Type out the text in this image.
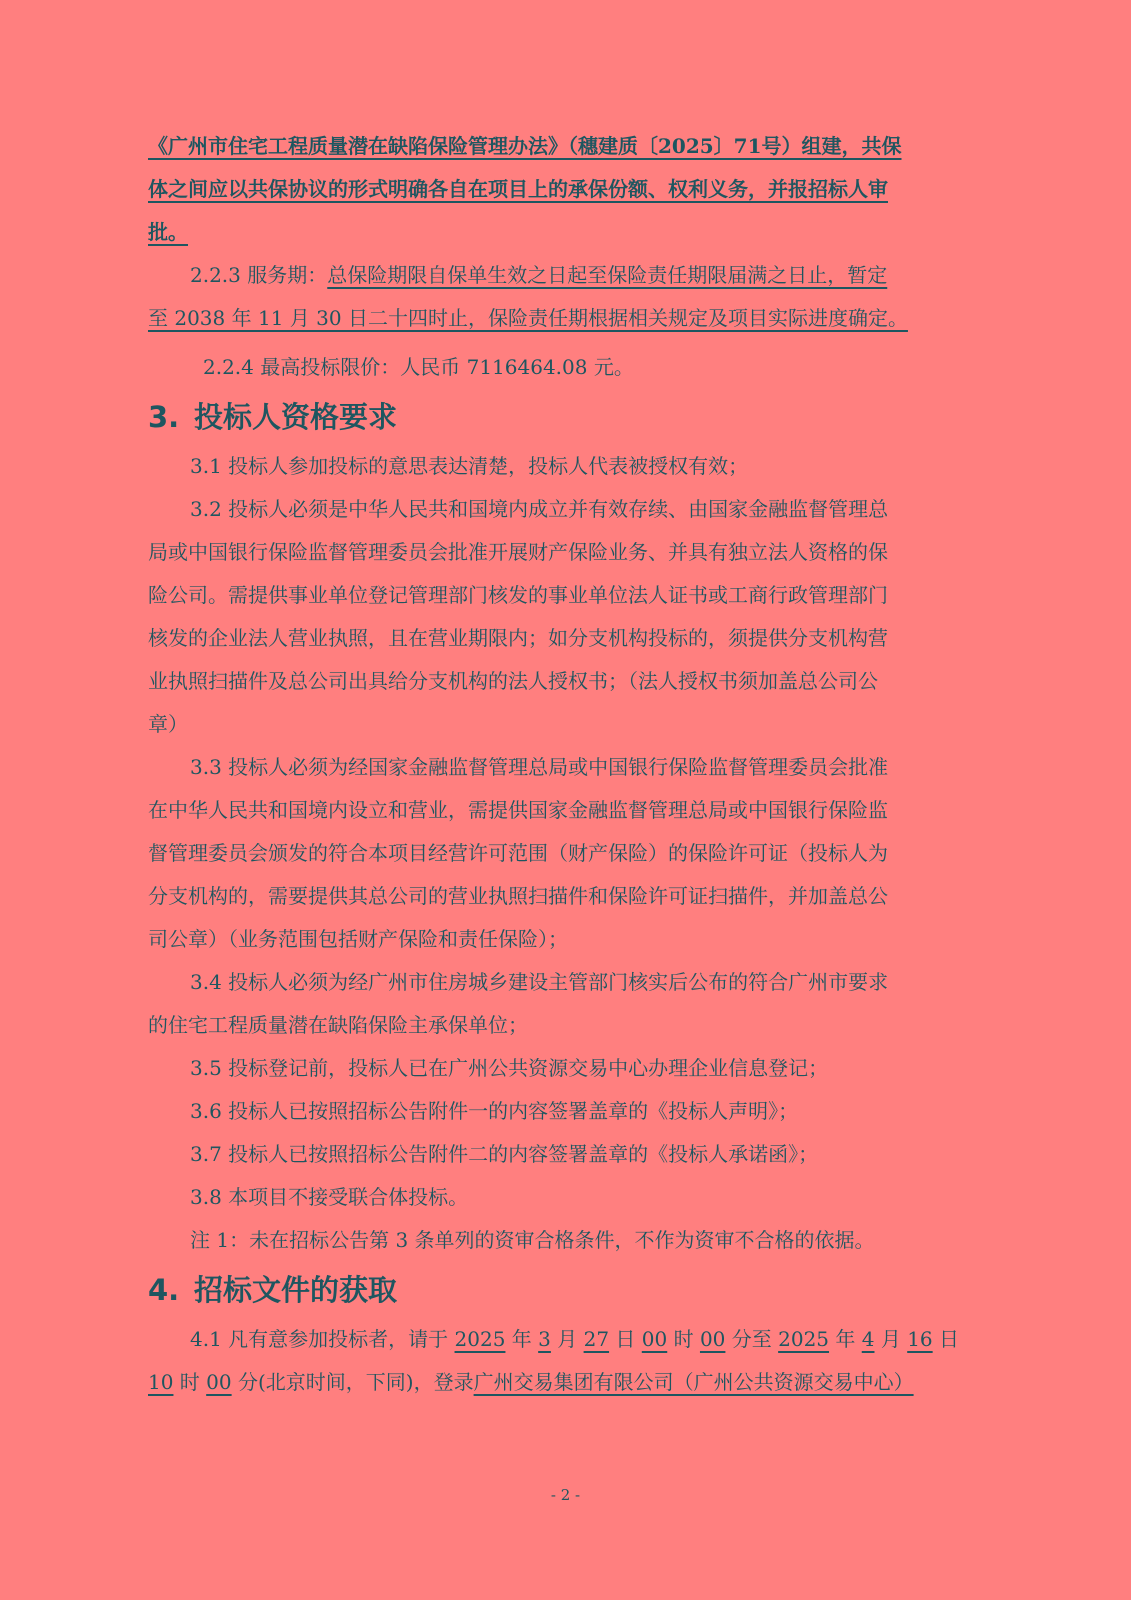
《广州市住宅工程质量潜在缺陷保险管理办法》（穗建质〔2025〕71号）组建，共保
体之间应以共保协议的形式明确各自在项目上的承保份额、权利义务，并报招标人审
批。
2.2.3 服务期：总保险期限自保单生效之日起至保险责任期限届满之日止，暂定
至 2038 年 11 月 30 日二十四时止，保险责任期根据相关规定及项目实际进度确定。
2.2.4 最高投标限价：人民币 7116464.08 元。
3. 投标人资格要求
3.1 投标人参加投标的意思表达清楚，投标人代表被授权有效；
3.2 投标人必须是中华人民共和国境内成立并有效存续、由国家金融监督管理总
局或中国银行保险监督管理委员会批准开展财产保险业务、并具有独立法人资格的保
险公司。需提供事业单位登记管理部门核发的事业单位法人证书或工商行政管理部门
核发的企业法人营业执照，且在营业期限内；如分支机构投标的，须提供分支机构营
业执照扫描件及总公司出具给分支机构的法人授权书；（法人授权书须加盖总公司公
章）
3.3 投标人必须为经国家金融监督管理总局或中国银行保险监督管理委员会批准
在中华人民共和国境内设立和营业，需提供国家金融监督管理总局或中国银行保险监
督管理委员会颁发的符合本项目经营许可范围（财产保险）的保险许可证（投标人为
分支机构的，需要提供其总公司的营业执照扫描件和保险许可证扫描件，并加盖总公
司公章）（业务范围包括财产保险和责任保险）；
3.4 投标人必须为经广州市住房城乡建设主管部门核实后公布的符合广州市要求
的住宅工程质量潜在缺陷保险主承保单位；
3.5 投标登记前，投标人已在广州公共资源交易中心办理企业信息登记；
3.6 投标人已按照招标公告附件一的内容签署盖章的《投标人声明》；
3.7 投标人已按照招标公告附件二的内容签署盖章的《投标人承诺函》；
3.8 本项目不接受联合体投标。
注 1：未在招标公告第 3 条单列的资审合格条件，不作为资审不合格的依据。
4. 招标文件的获取
4.1 凡有意参加投标者，请于 2025 年 3 月 27 日 00 时 00 分至 2025 年 4 月 16 日
10 时 00 分(北京时间，下同)，登录广州交易集团有限公司（广州公共资源交易中心）
- 2 -
